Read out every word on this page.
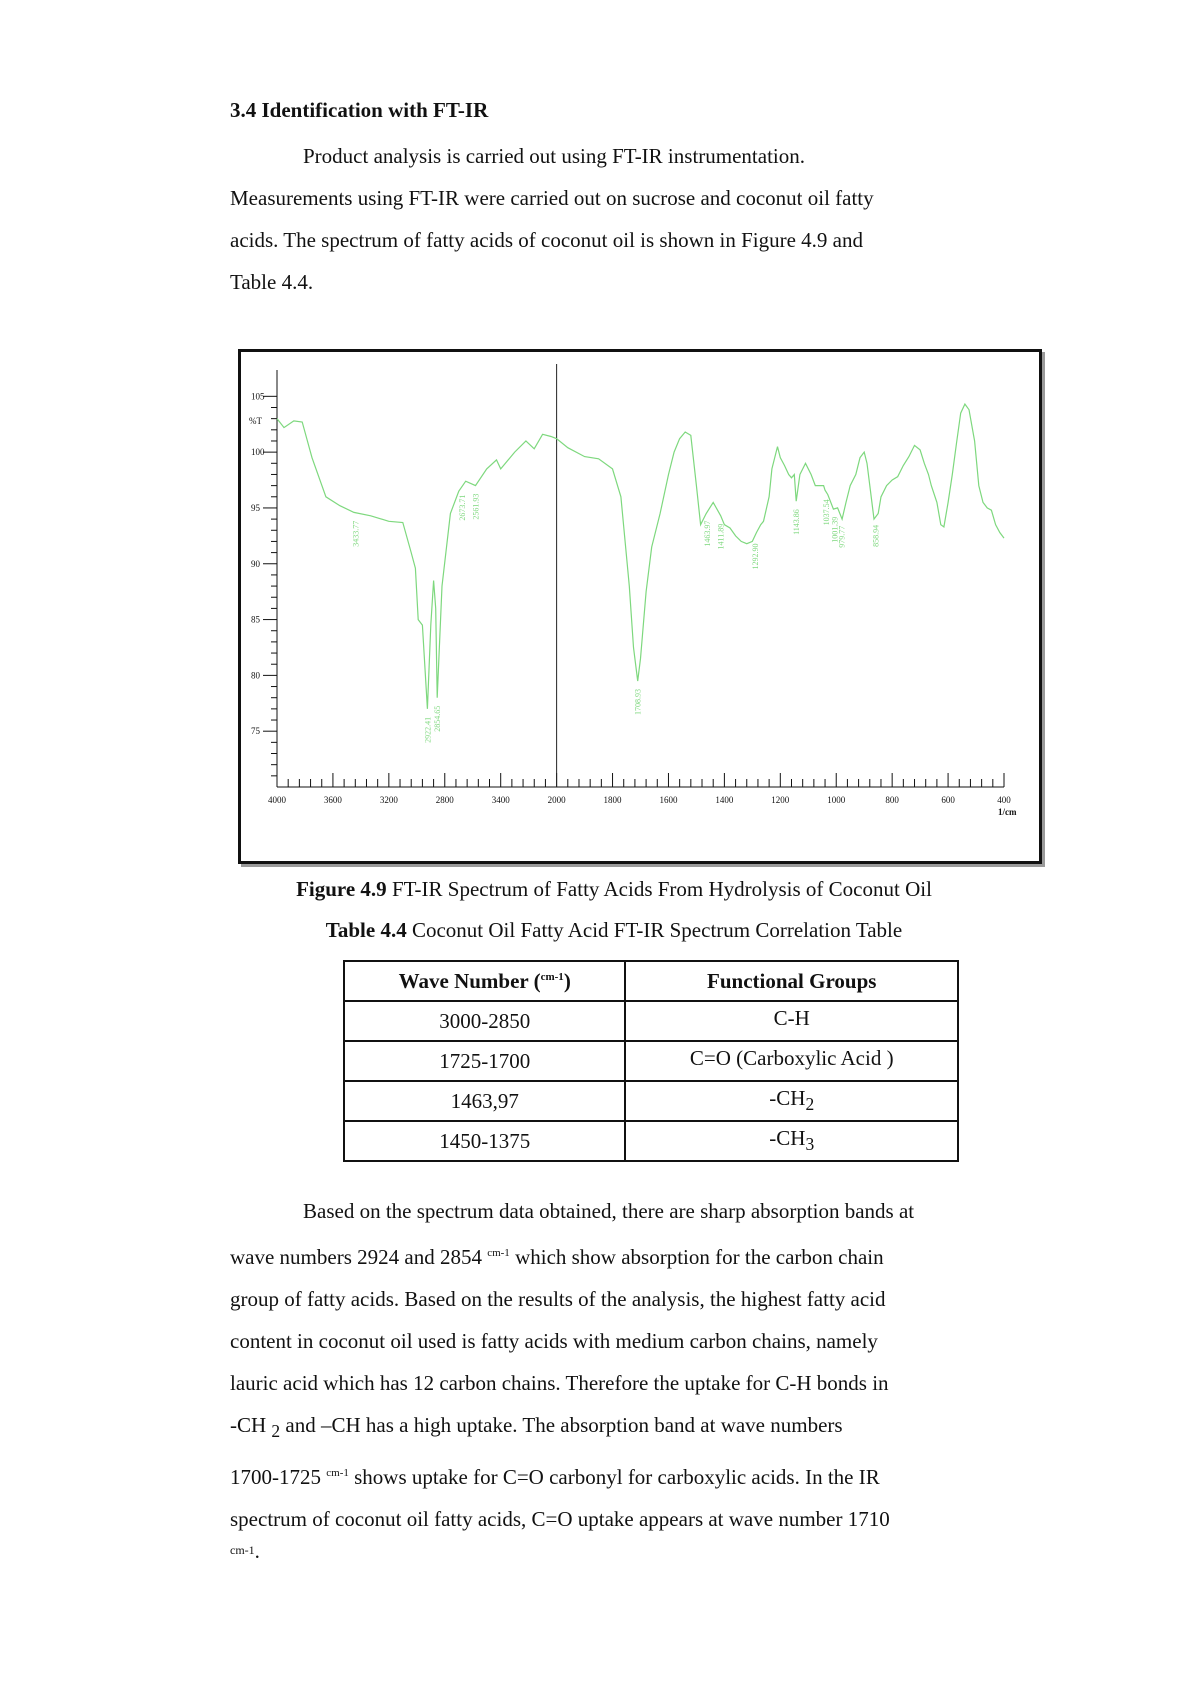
3.4 Identification with FT-IR

Product analysis is carried out using FT-IR instrumentation.

Measurements using FT-IR were carried out on sucrose and coconut oil fatty

acids. The spectrum of fatty acids of coconut oil is shown in Figure 4.9 and

Table 4.4.

105
100
95
90
85
80
75
%T
4000	3600	3200	2800	3400	2000	1800	1600	1400	1200	1000	800	600	400
1/cm
3433.77
2922.41 2854.65
2673.71 2561.93
1708.93
1463.97 1411.89
1292.90
1143.86	1037.54
1001.39
979.77	858.94
Figure 4.9 FT-IR Spectrum of Fatty Acids From Hydrolysis of Coconut Oil
Table 4.4 Coconut Oil Fatty Acid FT-IR Spectrum Correlation Table
Wave Number ($^{cm-1}$)	Functional Groups
3000-2850	C-H
1725-1700	C=O (Carboxylic Acid )
1463,97	$-CH_2$
1450-1375	$-CH_3$

Based on the spectrum data obtained, there are sharp absorption bands at

wave numbers 2924 and 2854 $^{cm-1}$ which show absorption for the carbon chain

group of fatty acids. Based on the results of the analysis, the highest fatty acid

content in coconut oil used is fatty acids with medium carbon chains, namely

lauric acid which has 12 carbon chains. Therefore the uptake for C-H bonds in

-CH $_2$ and –CH has a high uptake. The absorption band at wave numbers

1700-1725 $^{cm-1}$ shows uptake for C=O carbonyl for carboxylic acids. In the IR

spectrum of coconut oil fatty acids, C=O uptake appears at wave number 1710

cm-1.
